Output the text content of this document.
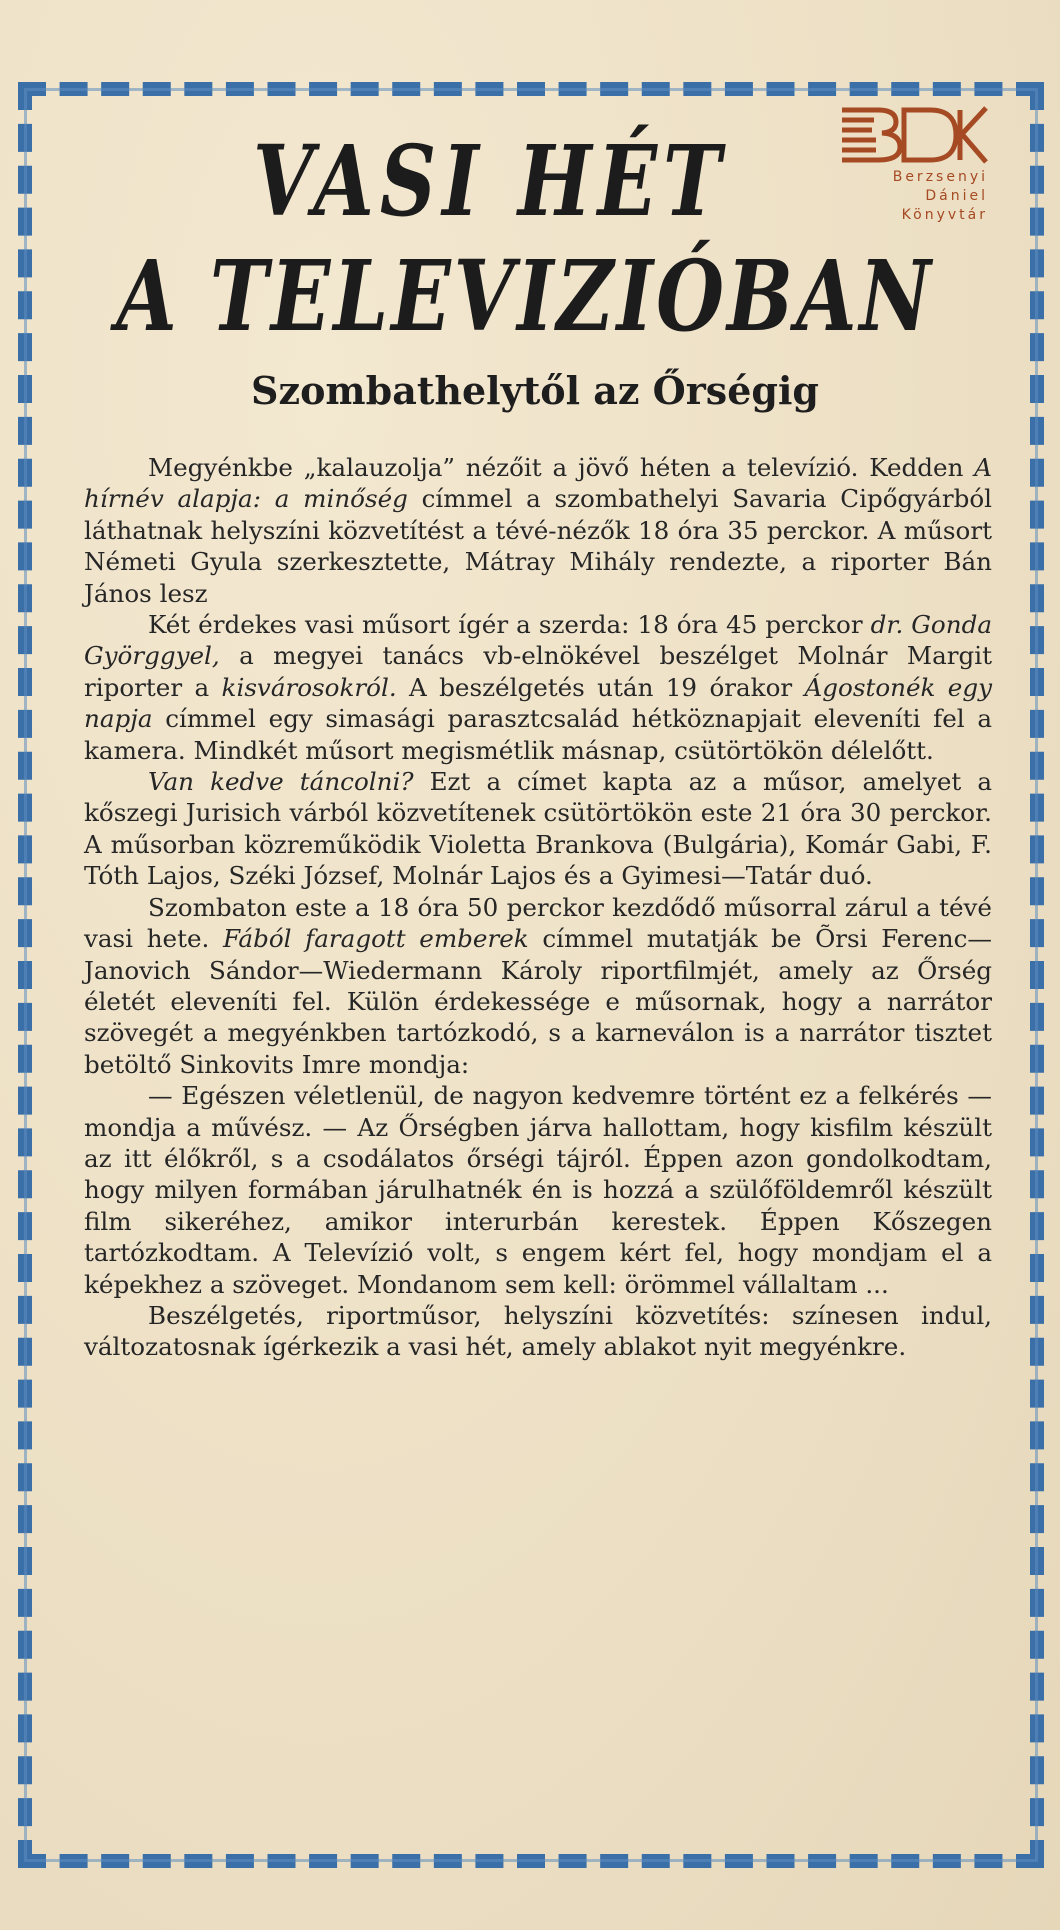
Berzsenyi
Dániel
Könyvtár
VASI HÉT
A TELEVIZIÓBAN
Szombathelytől az Őrségig

Megyénkbe „kalauzolja” nézőit a jövő héten a televízió. Kedden A hírnév alapja: a minőség címmel a szombathelyi Savaria Cipőgyárból láthatnak helyszíni közvetítést a tévé-nézők 18 óra 35 perckor. A műsort Németi Gyula szerkesztette, Mátray Mihály rendezte, a riporter Bán János lesz

Két érdekes vasi műsort ígér a szerda: 18 óra 45 perckor dr. Gonda Györggyel, a megyei tanács vb-elnökével beszélget Molnár Margit riporter a kisvárosokról. A beszélgetés után 19 órakor Ágostonék egy napja címmel egy simasági parasztcsalád hétköznapjait eleveníti fel a kamera. Mindkét műsort megismétlik másnap, csütörtökön délelőtt.

Van kedve táncolni? Ezt a címet kapta az a műsor, amelyet a kőszegi Jurisich várból közvetítenek csütörtökön este 21 óra 30 perckor. A műsorban közreműködik Violetta Brankova (Bulgária), Komár Gabi, F. Tóth Lajos, Széki József, Molnár Lajos és a Gyimesi—Tatár duó.

Szombaton este a 18 óra 50 perckor kezdődő műsorral zárul a tévé vasi hete. Fából faragott emberek címmel mutatják be Õrsi Ferenc—Janovich Sándor—Wiedermann Károly riportfilmjét, amely az Őrség életét eleveníti fel. Külön érdekessége e műsornak, hogy a narrátor szövegét a megyénkben tartózkodó, s a karneválon is a narrátor tisztet betöltő Sinkovits Imre mondja:

— Egészen véletlenül, de nagyon kedvemre történt ez a felkérés — mondja a művész. — Az Őrségben járva hallottam, hogy kisfilm készült az itt élőkről, s a csodálatos őrségi tájról. Éppen azon gondolkodtam, hogy milyen formában járulhatnék én is hozzá a szülőföldemről készült film sikeréhez, amikor interurbán kerestek. Éppen Kőszegen tartózkodtam. A Televízió volt, s engem kért fel, hogy mondjam el a képekhez a szöveget. Mondanom sem kell: örömmel vállaltam ...

Beszélgetés, riportműsor, helyszíni közvetítés: színesen indul, változatosnak ígérkezik a vasi hét, amely ablakot nyit megyénkre.
